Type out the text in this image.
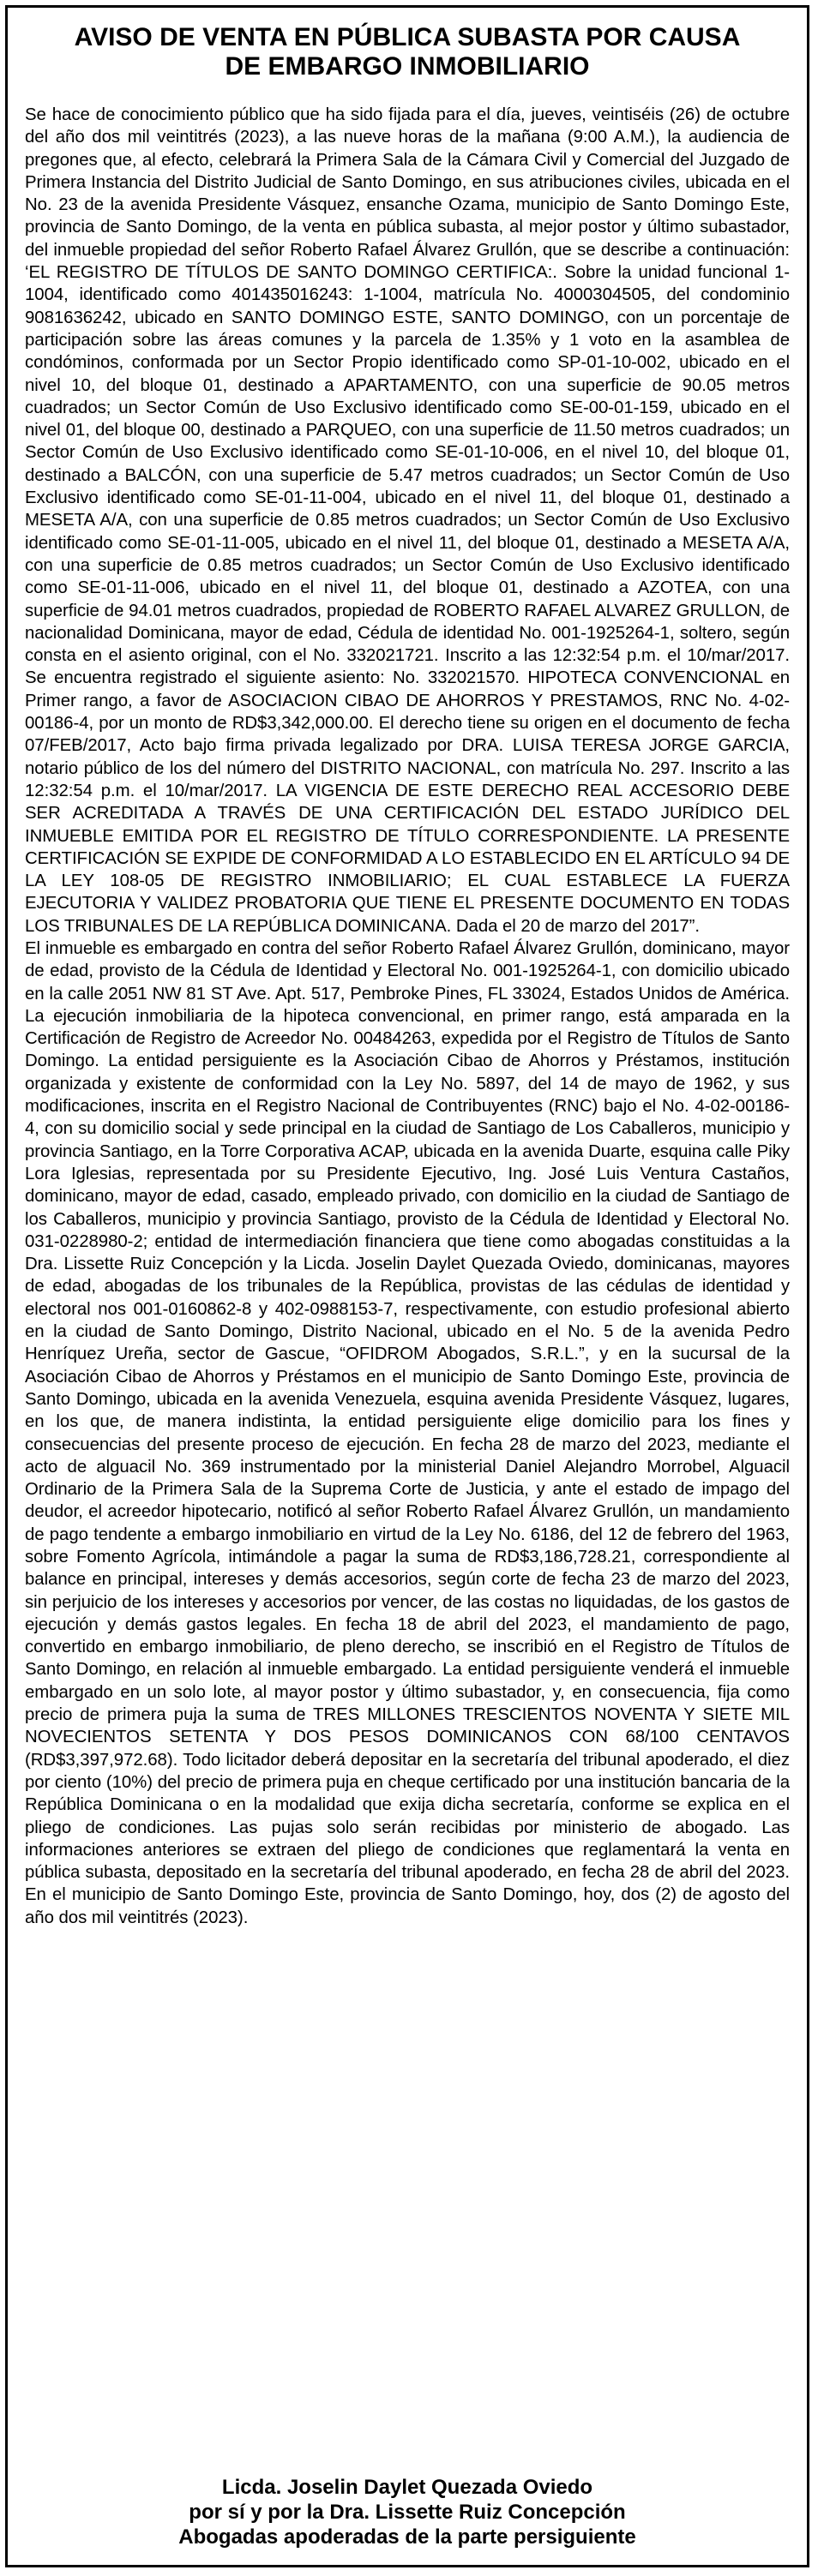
AVISO DE VENTA EN PÚBLICA SUBASTA POR CAUSA
DE EMBARGO INMOBILIARIO

Se hace de conocimiento público que ha sido fijada para el día, jueves, veintiséis (26) de octubre del año dos mil veintitrés (2023), a las nueve horas de la mañana (9:00 A.M.), la audiencia de pregones que, al efecto, celebrará la Primera Sala de la Cámara Civil y Comercial del Juzgado de Primera Instancia del Distrito Judicial de Santo Domingo, en sus atribuciones civiles, ubicada en el No. 23 de la avenida Presidente Vásquez, ensanche Ozama, municipio de Santo Domingo Este, provincia de Santo Domingo, de la venta en pública subasta, al mejor postor y último subastador, del inmueble propiedad del señor Roberto Rafael Álvarez Grullón, que se describe a continuación: ‘EL REGISTRO DE TÍTULOS DE SANTO DOMINGO CERTIFICA:. Sobre la unidad funcional 1-1004, identificado como 401435016243: 1-1004, matrícula No. 4000304505, del condominio 9081636242, ubicado en SANTO DOMINGO ESTE, SANTO DOMINGO, con un porcentaje de participación sobre las áreas comunes y la parcela de 1.35% y 1 voto en la asamblea de condóminos, conformada por un Sector Propio identificado como SP-01-10-002, ubicado en el nivel 10, del bloque 01, destinado a APARTAMENTO, con una superficie de 90.05 metros cuadrados; un Sector Común de Uso Exclusivo identificado como SE-00-01-159, ubicado en el nivel 01, del bloque 00, destinado a PARQUEO, con una superficie de 11.50 metros cuadrados; un Sector Común de Uso Exclusivo identificado como SE-01-10-006, en el nivel 10, del bloque 01, destinado a BALCÓN, con una superficie de 5.47 metros cuadrados; un Sector Común de Uso Exclusivo identificado como SE-01-11-004, ubicado en el nivel 11, del bloque 01, destinado a MESETA A/A, con una superficie de 0.85 metros cuadrados; un Sector Común de Uso Exclusivo identificado como SE-01-11-005, ubicado en el nivel 11, del bloque 01, destinado a MESETA A/A, con una superficie de 0.85 metros cuadrados; un Sector Común de Uso Exclusivo identificado como SE-01-11-006, ubicado en el nivel 11, del bloque 01, destinado a AZOTEA, con una superficie de 94.01 metros cuadrados, propiedad de ROBERTO RAFAEL ALVAREZ GRULLON, de nacionalidad Dominicana, mayor de edad, Cédula de identidad No. 001-1925264-1, soltero, según consta en el asiento original, con el No. 332021721. Inscrito a las 12:32:54 p.m. el 10/mar/2017. Se encuentra registrado el siguiente asiento: No. 332021570. HIPOTECA CONVENCIONAL en Primer rango, a favor de ASOCIACION CIBAO DE AHORROS Y PRESTAMOS, RNC No. 4-02-00186-4, por un monto de RD$3,342,000.00. El derecho tiene su origen en el documento de fecha 07/FEB/2017, Acto bajo firma privada legalizado por DRA. LUISA TERESA JORGE GARCIA, notario público de los del número del DISTRITO NACIONAL, con matrícula No. 297. Inscrito a las 12:32:54 p.m. el 10/mar/2017. LA VIGENCIA DE ESTE DERECHO REAL ACCESORIO DEBE SER ACREDITADA A TRAVÉS DE UNA CERTIFICACIÓN DEL ESTADO JURÍDICO DEL INMUEBLE EMITIDA POR EL REGISTRO DE TÍTULO CORRESPONDIENTE. LA PRESENTE CERTIFICACIÓN SE EXPIDE DE CONFORMIDAD A LO ESTABLECIDO EN EL ARTÍCULO 94 DE LA LEY 108-05 DE REGISTRO INMOBILIARIO; EL CUAL ESTABLECE LA FUERZA EJECUTORIA Y VALIDEZ PROBATORIA QUE TIENE EL PRESENTE DOCUMENTO EN TODAS LOS TRIBUNALES DE LA REPÚBLICA DOMINICANA. Dada el 20 de marzo del 2017”.

El inmueble es embargado en contra del señor Roberto Rafael Álvarez Grullón, dominicano, mayor de edad, provisto de la Cédula de Identidad y Electoral No. 001-1925264-1, con domicilio ubicado en la calle 2051 NW 81 ST Ave. Apt. 517, Pembroke Pines, FL 33024, Estados Unidos de América. La ejecución inmobiliaria de la hipoteca convencional, en primer rango, está amparada en la Certificación de Registro de Acreedor No. 00484263, expedida por el Registro de Títulos de Santo Domingo. La entidad persiguiente es la Asociación Cibao de Ahorros y Préstamos, institución organizada y existente de conformidad con la Ley No. 5897, del 14 de mayo de 1962, y sus modificaciones, inscrita en el Registro Nacional de Contribuyentes (RNC) bajo el No. 4-02-00186-4, con su domicilio social y sede principal en la ciudad de Santiago de Los Caballeros, municipio y provincia Santiago, en la Torre Corporativa ACAP, ubicada en la avenida Duarte, esquina calle Piky Lora Iglesias, representada por su Presidente Ejecutivo, Ing. José Luis Ventura Castaños, dominicano, mayor de edad, casado, empleado privado, con domicilio en la ciudad de Santiago de los Caballeros, municipio y provincia Santiago, provisto de la Cédula de Identidad y Electoral No. 031-0228980-2; entidad de intermediación financiera que tiene como abogadas constituidas a la Dra. Lissette Ruiz Concepción y la Licda. Joselin Daylet Quezada Oviedo, dominicanas, mayores de edad, abogadas de los tribunales de la República, provistas de las cédulas de identidad y electoral nos 001-0160862-8 y 402-0988153-7, respectivamente, con estudio profesional abierto en la ciudad de Santo Domingo, Distrito Nacional, ubicado en el No. 5 de la avenida Pedro Henríquez Ureña, sector de Gascue, “OFIDROM Abogados, S.R.L.”, y en la sucursal de la Asociación Cibao de Ahorros y Préstamos en el municipio de Santo Domingo Este, provincia de Santo Domingo, ubicada en la avenida Venezuela, esquina avenida Presidente Vásquez, lugares, en los que, de manera indistinta, la entidad persiguiente elige domicilio para los fines y consecuencias del presente proceso de ejecución. En fecha 28 de marzo del 2023, mediante el acto de alguacil No. 369 instrumentado por la ministerial Daniel Alejandro Morrobel, Alguacil Ordinario de la Primera Sala de la Suprema Corte de Justicia, y ante el estado de impago del deudor, el acreedor hipotecario, notificó al señor Roberto Rafael Álvarez Grullón, un mandamiento de pago tendente a embargo inmobiliario en virtud de la Ley No. 6186, del 12 de febrero del 1963, sobre Fomento Agrícola, intimándole a pagar la suma de RD$3,186,728.21, correspondiente al balance en principal, intereses y demás accesorios, según corte de fecha 23 de marzo del 2023, sin perjuicio de los intereses y accesorios por vencer, de las costas no liquidadas, de los gastos de ejecución y demás gastos legales. En fecha 18 de abril del 2023, el mandamiento de pago, convertido en embargo inmobiliario, de pleno derecho, se inscribió en el Registro de Títulos de Santo Domingo, en relación al inmueble embargado. La entidad persiguiente venderá el inmueble embargado en un solo lote, al mayor postor y último subastador, y, en consecuencia, fija como precio de primera puja la suma de TRES MILLONES TRESCIENTOS NOVENTA Y SIETE MIL NOVECIENTOS SETENTA Y DOS PESOS DOMINICANOS CON 68/100 CENTAVOS (RD$3,397,972.68). Todo licitador deberá depositar en la secretaría del tribunal apoderado, el diez por ciento (10%) del precio de primera puja en cheque certificado por una institución bancaria de la República Dominicana o en la modalidad que exija dicha secretaría, conforme se explica en el pliego de condiciones. Las pujas solo serán recibidas por ministerio de abogado. Las informaciones anteriores se extraen del pliego de condiciones que reglamentará la venta en pública subasta, depositado en la secretaría del tribunal apoderado, en fecha 28 de abril del 2023. En el municipio de Santo Domingo Este, provincia de Santo Domingo, hoy, dos (2) de agosto del año dos mil veintitrés (2023).

Licda. Joselin Daylet Quezada Oviedo
por sí y por la Dra. Lissette Ruiz Concepción
Abogadas apoderadas de la parte persiguiente
